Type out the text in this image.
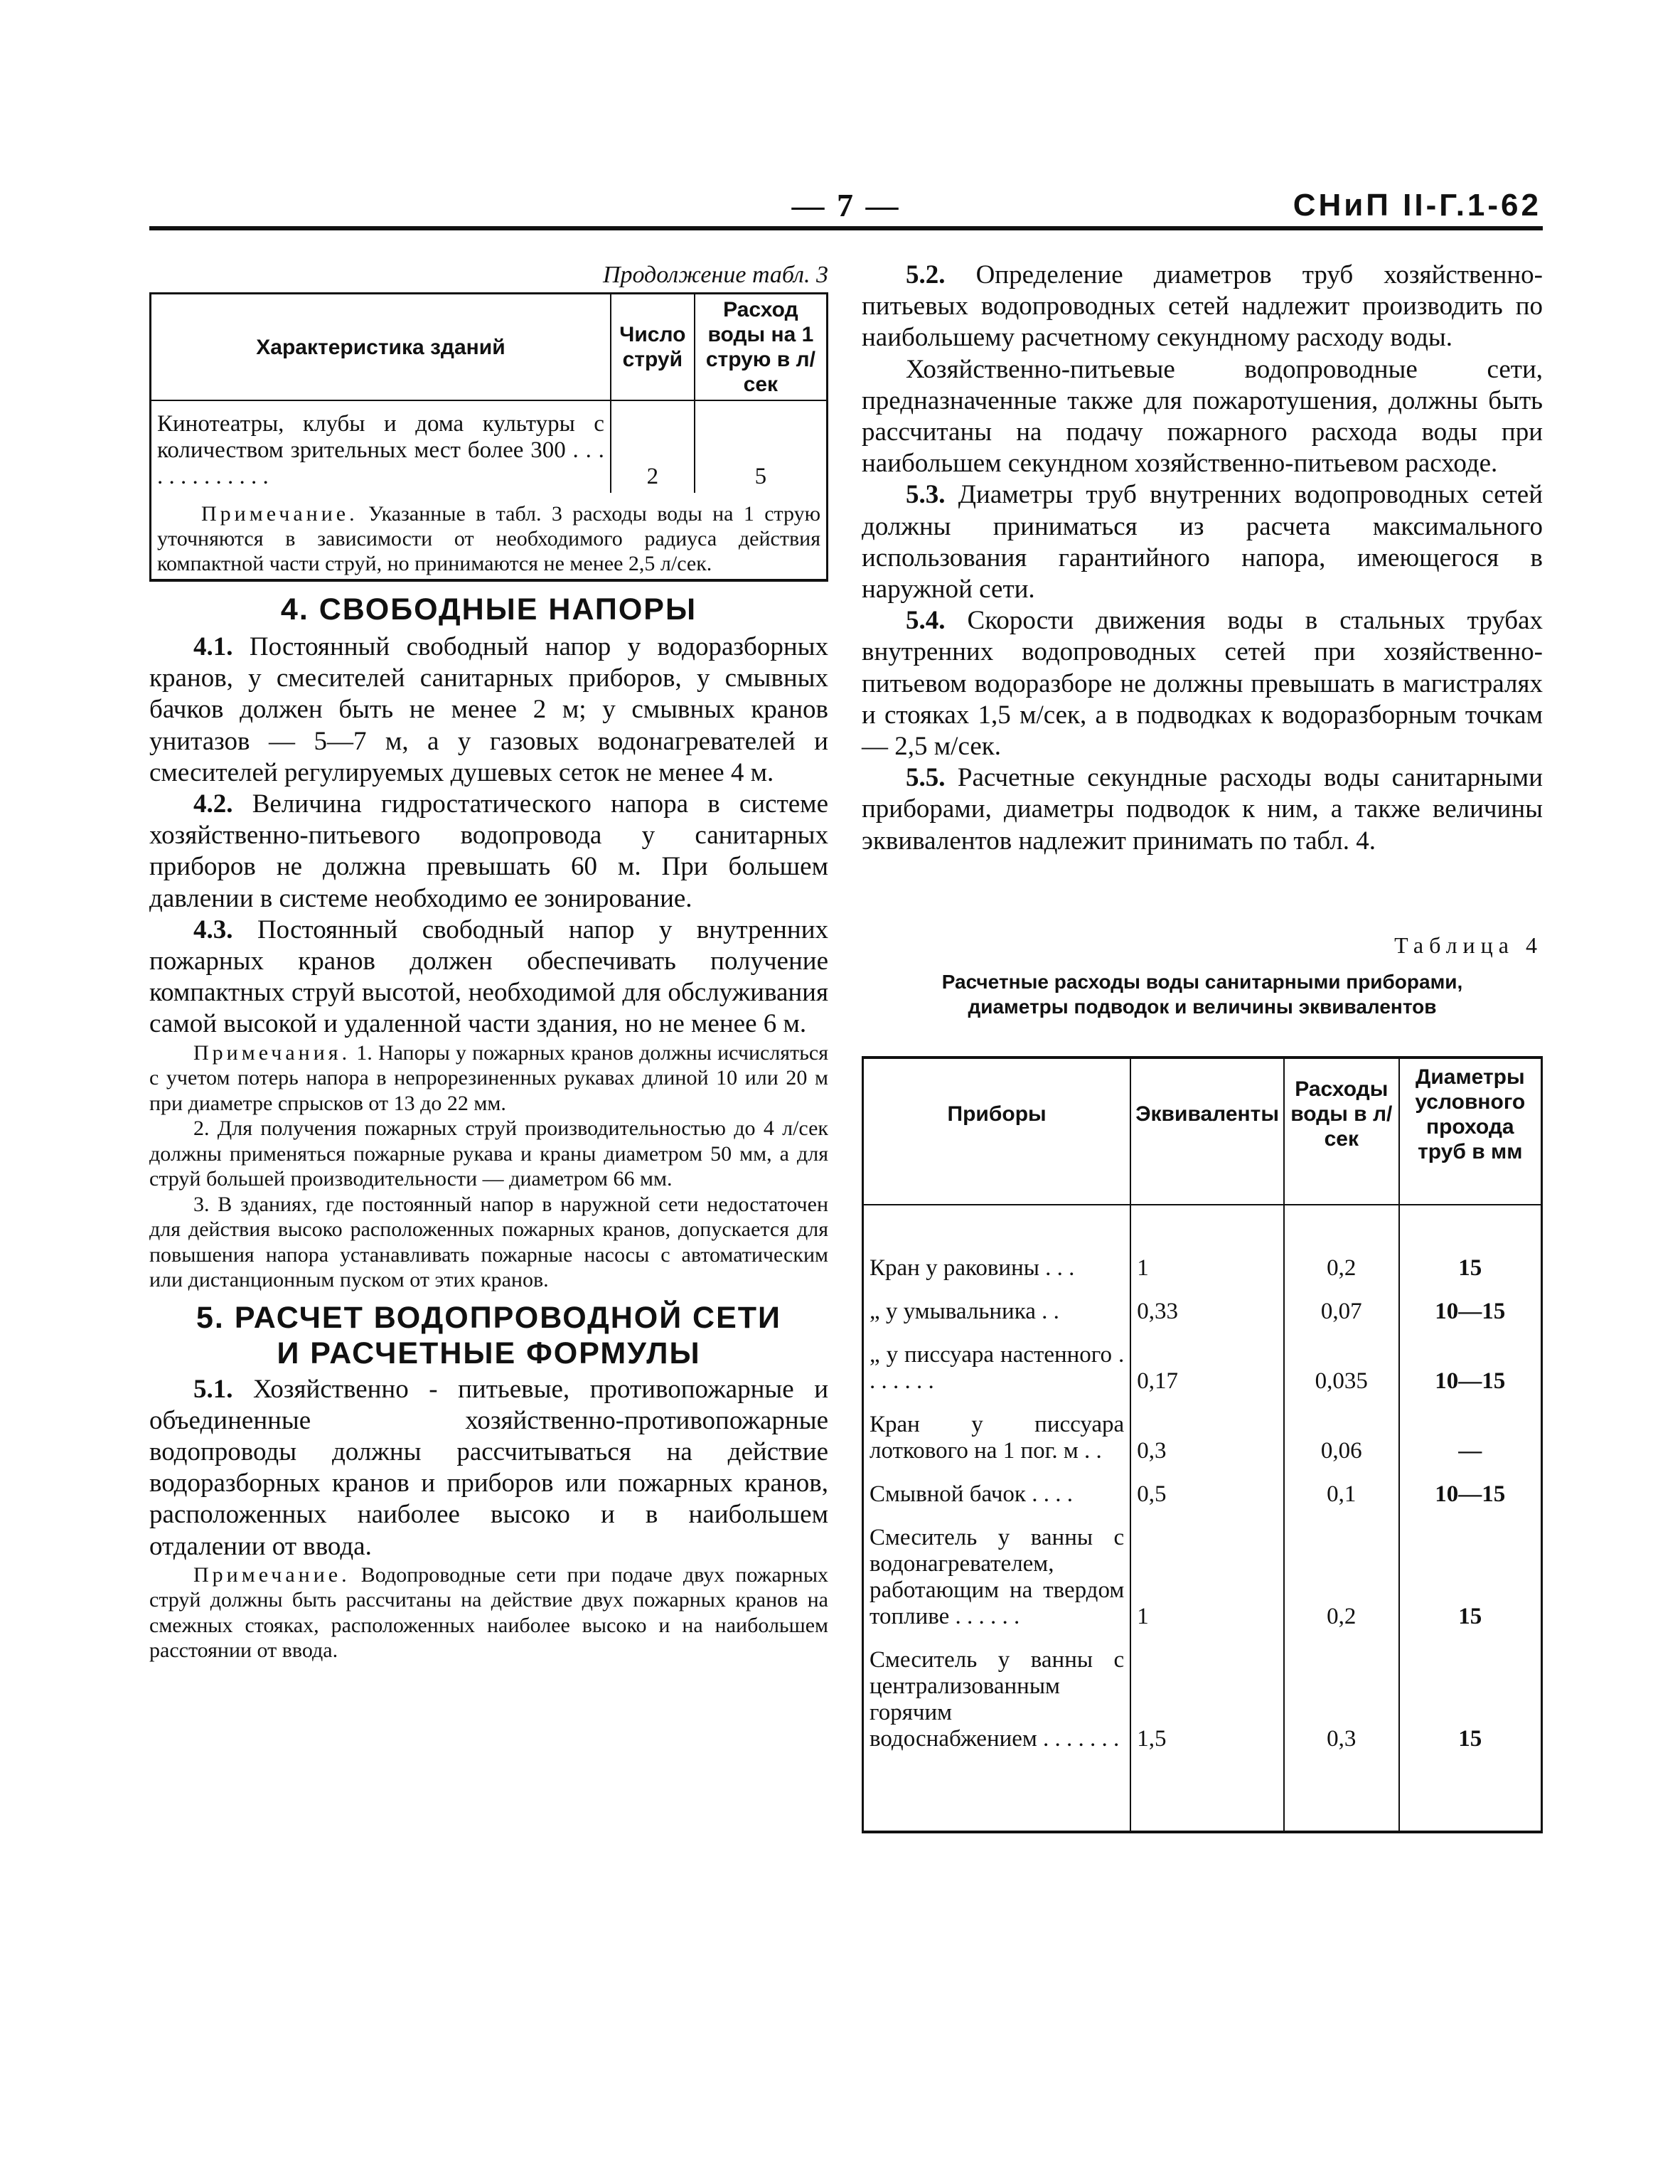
— 7 —	СНиП II-Г.1-62
Продолжение табл. 3
Характеристика зданий	Число струй	Расход воды на 1 струю в л/сек
Кинотеатры, клубы и дома культуры с количеством зрительных мест более 300 . . . . . . . . . . . . .	2	5
Примечание. Указанные в табл. 3 расходы воды на 1 струю уточняются в зависимости от необходимого радиуса действия компактной части струй, но принимаются не менее 2,5 л/сек.		
4. СВОБОДНЫЕ НАПОРЫ

4.1. Постоянный свободный напор у водоразборных кранов, у смесителей санитарных приборов, у смывных бачков должен быть не менее 2 м; у смывных кранов унитазов — 5—7 м, а у газовых водонагревателей и смесителей регулируемых душевых сеток не менее 4 м.

4.2. Величина гидростатического напора в системе хозяйственно-питьевого водопровода у санитарных приборов не должна превышать 60 м. При большем давлении в системе необходимо ее зонирование.

4.3. Постоянный свободный напор у внутренних пожарных кранов должен обеспечивать получение компактных струй высотой, необходимой для обслуживания самой высокой и удаленной части здания, но не менее 6 м.

Примечания. 1. Напоры у пожарных кранов должны исчисляться с учетом потерь напора в непрорезиненных рукавах длиной 10 или 20 м при диаметре спрысков от 13 до 22 мм.

2. Для получения пожарных струй производительностью до 4 л/сек должны применяться пожарные рукава и краны диаметром 50 мм, а для струй большей производительности — диаметром 66 мм.

3. В зданиях, где постоянный напор в наружной сети недостаточен для действия высоко расположенных пожарных кранов, допускается для повышения напора устанавливать пожарные насосы с автоматическим или дистанционным пуском от этих кранов.

5. РАСЧЕТ ВОДОПРОВОДНОЙ СЕТИ
И РАСЧЕТНЫЕ ФОРМУЛЫ

5.1. Хозяйственно - питьевые, противопожарные и объединенные хозяйственно-противопожарные водопроводы должны рассчитываться на действие водоразборных кранов и приборов или пожарных кранов, расположенных наиболее высоко и в наибольшем отдалении от ввода.

Примечание. Водопроводные сети при подаче двух пожарных струй должны быть рассчитаны на действие двух пожарных кранов на смежных стояках, расположенных наиболее высоко и на наибольшем расстоянии от ввода.

5.2. Определение диаметров труб хозяйственно-питьевых водопроводных сетей надлежит производить по наибольшему расчетному секундному расходу воды.

Хозяйственно-питьевые водопроводные сети, предназначенные также для пожаротушения, должны быть рассчитаны на подачу пожарного расхода воды при наибольшем секундном хозяйственно-питьевом расходе.

5.3. Диаметры труб внутренних водопроводных сетей должны приниматься из расчета максимального использования гарантийного напора, имеющегося в наружной сети.

5.4. Скорости движения воды в стальных трубах внутренних водопроводных сетей при хозяйственно-питьевом водоразборе не должны превышать в магистралях и стояках 1,5 м/сек, а в подводках к водоразборным точкам — 2,5 м/сек.

5.5. Расчетные секундные расходы воды санитарными приборами, диаметры подводок к ним, а также величины эквивалентов надлежит принимать по табл. 4.

Таблица 4
Расчетные расходы воды санитарными приборами,
диаметры подводок и величины эквивалентов
Приборы	Эквиваленты	Расходы воды в л/сек	Диаметры условного прохода труб в мм
Кран у раковины . . .	1	0,2	15
„ у умывальника . .	0,33	0,07	10—15
„ у писсуара настенного . . . . . . .	0,17	0,035	10—15
Кран у писсуара лоткового на 1 пог. м . .	0,3	0,06	—
Смывной бачок . . . .	0,5	0,1	10—15
Смеситель у ванны с водонагревателем, работающим на твердом топливе . . . . . .	1	0,2	15
Смеситель у ванны с централизованным горячим водоснабжением . . . . . . .	1,5	0,3	15
